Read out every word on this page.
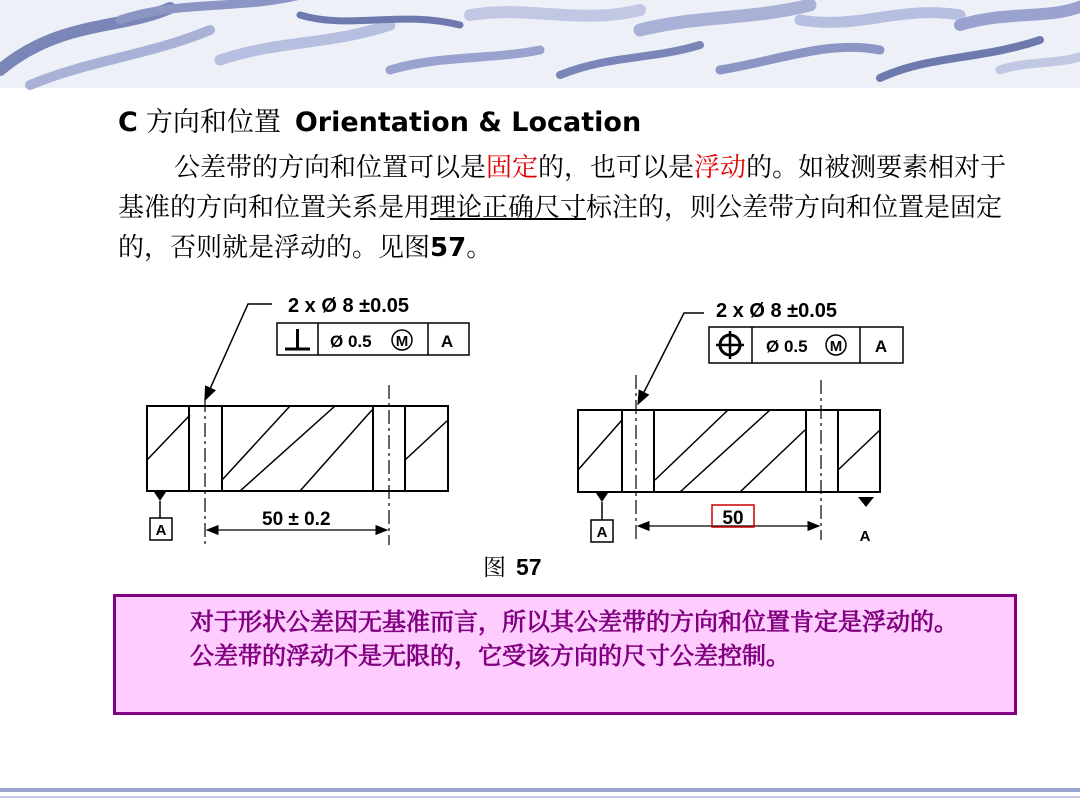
C 方向和位置 Orientation & Location
公差带的方向和位置可以是固定的，也可以是浮动的。如被测要素相对于基准的方向和位置关系是用理论正确尺寸标注的，则公差带方向和位置是固定的，否则就是浮动的。见图57。
2 x Ø 8 ±0.05
Ø 0.5 M A
50 ± 0.2
A
2 x Ø 8 ±0.05
Ø 0.5 M A
50
A	A
图 57

对于形状公差因无基准而言，所以其公差带的方向和位置肯定是浮动的。

公差带的浮动不是无限的，它受该方向的尺寸公差控制。
